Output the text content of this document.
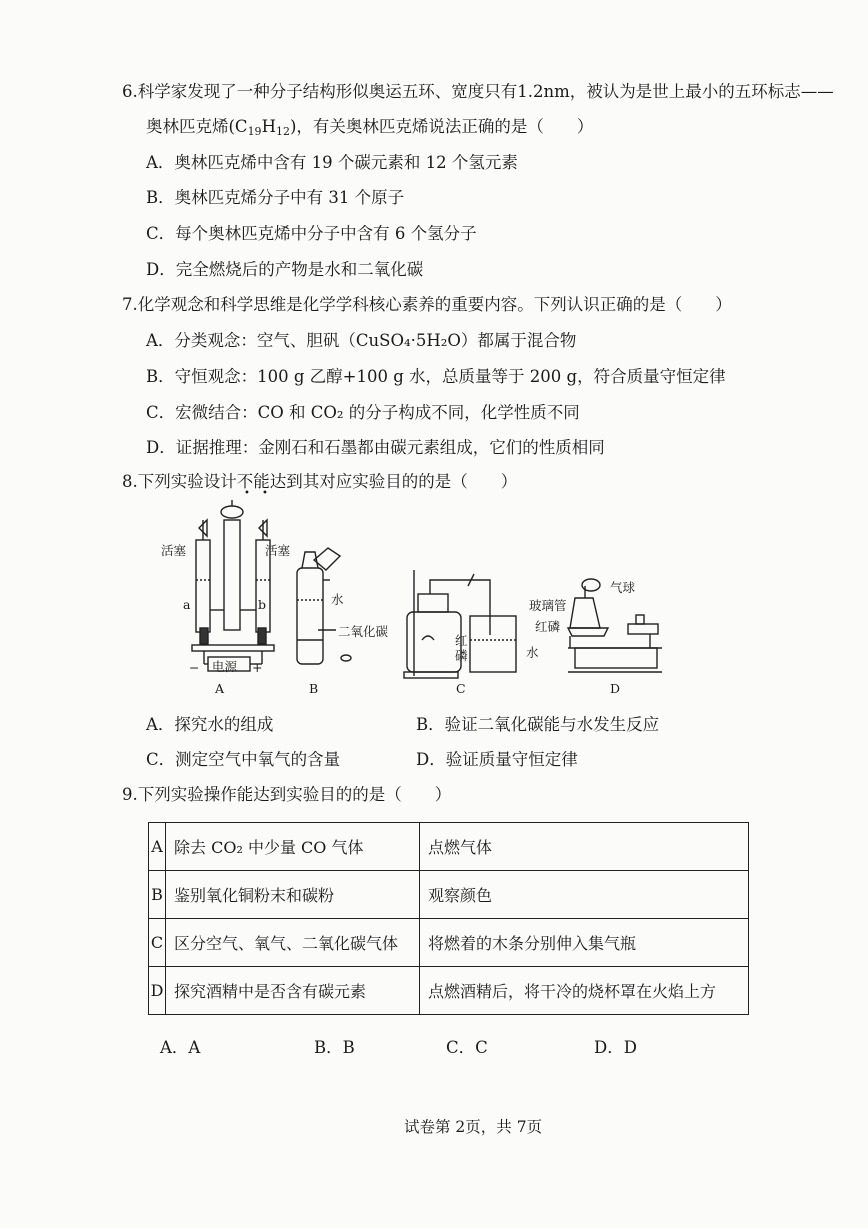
6.科学家发现了一种分子结构形似奥运五环、宽度只有1.2nm，被认为是世上最小的五环标志——
奥林匹克烯$(C_{19}H_{12})$，有关奥林匹克烯说法正确的是（　　）
A．奥林匹克烯中含有 19 个碳元素和 12 个氢元素
B．奥林匹克烯分子中有 31 个原子
C．每个奥林匹克烯中分子中含有 6 个氢分子
D．完全燃烧后的产物是水和二氧化碳
7.化学观念和科学思维是化学学科核心素养的重要内容。下列认识正确的是（　　）
A．分类观念：空气、胆矾（CuSO₄·5H₂O）都属于混合物
B．守恒观念：100 g 乙醇+100 g 水，总质量等于 200 g，符合质量守恒定律
C．宏微结合：CO 和 CO₂ 的分子构成不同，化学性质不同
D．证据推理：金刚石和石墨都由碳元素组成，它们的性质相同
8.下列实验设计不能达到其对应实验目的的是（　　）
• •
活塞	活塞
a	b
电源
−	+
A
水
二氧化碳
B
红
磷	水
C
气球
玻璃管
红磷
D
A．探究水的组成	B．验证二氧化碳能与水发生反应
C．测定空气中氧气的含量	D．验证质量守恒定律
9.下列实验操作能达到实验目的的是（　　）
A	除去 CO₂ 中少量 CO 气体	点燃气体
B	鉴别氧化铜粉末和碳粉	观察颜色
C	区分空气、氧气、二氧化碳气体	将燃着的木条分别伸入集气瓶
D	探究酒精中是否含有碳元素	点燃酒精后，将干冷的烧杯罩在火焰上方
A．A	B．B	C．C	D．D
试卷第 2页，共 7页
